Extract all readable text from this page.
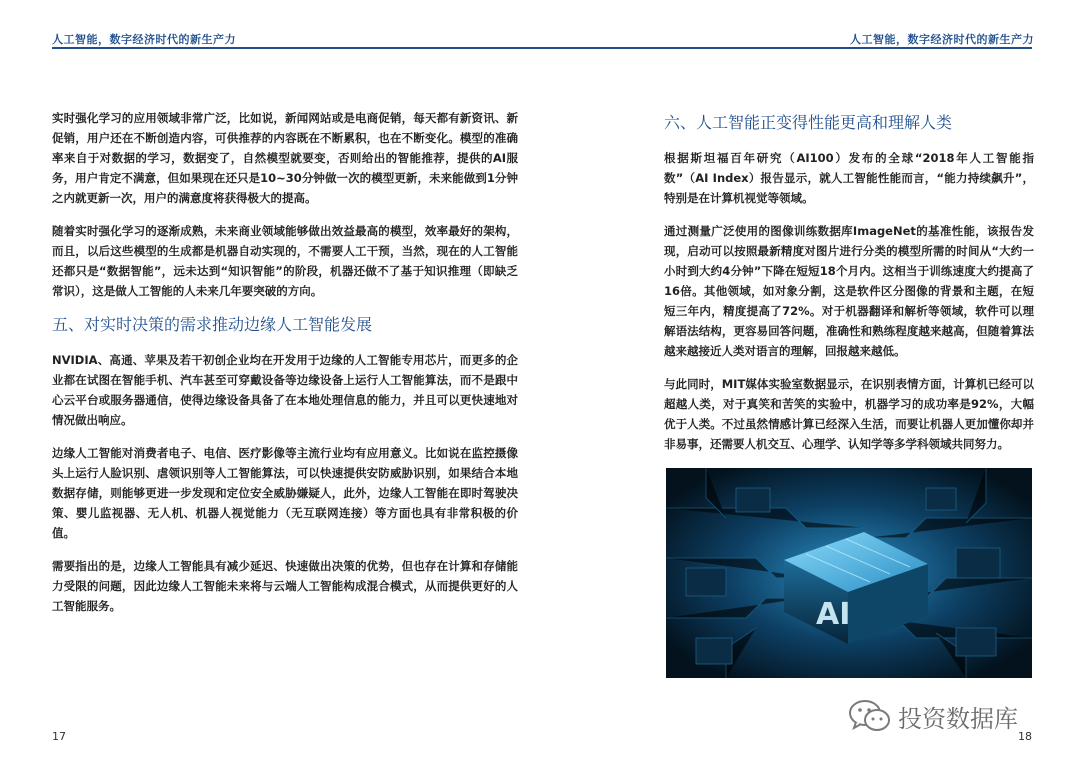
人工智能，数字经济时代的新生产力	人工智能，数字经济时代的新生产力

实时强化学习的应用领域非常广泛，比如说，新闻网站或是电商促销，每天都有新资讯、新促销，用户还在不断创造内容，可供推荐的内容既在不断累积，也在不断变化。模型的准确率来自于对数据的学习，数据变了，自然模型就要变，否则给出的智能推荐，提供的AI服务，用户肯定不满意，但如果现在还只是10~30分钟做一次的模型更新，未来能做到1分钟之内就更新一次，用户的满意度将获得极大的提高。

随着实时强化学习的逐渐成熟，未来商业领域能够做出效益最高的模型，效率最好的架构，而且，以后这些模型的生成都是机器自动实现的，不需要人工干预，当然，现在的人工智能还都只是“数据智能”，远未达到“知识智能”的阶段，机器还做不了基于知识推理（即缺乏常识），这是做人工智能的人未来几年要突破的方向。

五、对实时决策的需求推动边缘人工智能发展

NVIDIA、高通、苹果及若干初创企业均在开发用于边缘的人工智能专用芯片，而更多的企业都在试图在智能手机、汽车甚至可穿戴设备等边缘设备上运行人工智能算法，而不是跟中心云平台或服务器通信，使得边缘设备具备了在本地处理信息的能力，并且可以更快速地对情况做出响应。

边缘人工智能对消费者电子、电信、医疗影像等主流行业均有应用意义。比如说在监控摄像头上运行人脸识别、虐领识别等人工智能算法，可以快速提供安防威胁识别，如果结合本地数据存储，则能够更进一步发现和定位安全威胁嫌疑人，此外，边缘人工智能在即时驾驶决策、婴儿监视器、无人机、机器人视觉能力（无互联网连接）等方面也具有非常积极的价值。

需要指出的是，边缘人工智能具有减少延迟、快速做出决策的优势，但也存在计算和存储能力受限的问题，因此边缘人工智能未来将与云端人工智能构成混合模式，从而提供更好的人工智能服务。

六、人工智能正变得性能更高和理解人类

根据斯坦福百年研究（AI100）发布的全球“2018年人工智能指数”（AI Index）报告显示，就人工智能性能而言，“能力持续飙升”，特别是在计算机视觉等领域。

通过测量广泛使用的图像训练数据库ImageNet的基准性能，该报告发现，启动可以按照最新精度对图片进行分类的模型所需的时间从“大约一小时到大约4分钟”下降在短短18个月内。这相当于训练速度大约提高了16倍。其他领域，如对象分割，这是软件区分图像的背景和主题，在短短三年内，精度提高了72%。对于机器翻译和解析等领域，软件可以理解语法结构，更容易回答问题，准确性和熟练程度越来越高，但随着算法越来越接近人类对语言的理解，回报越来越低。

与此同时，MIT媒体实验室数据显示，在识别表情方面，计算机已经可以超越人类，对于真笑和苦笑的实验中，机器学习的成功率是92%，大幅优于人类。不过虽然情感计算已经深入生活，而要让机器人更加懂你却并非易事，还需要人机交互、心理学、认知学等多学科领域共同努力。

AI
17	18
投资数据库
